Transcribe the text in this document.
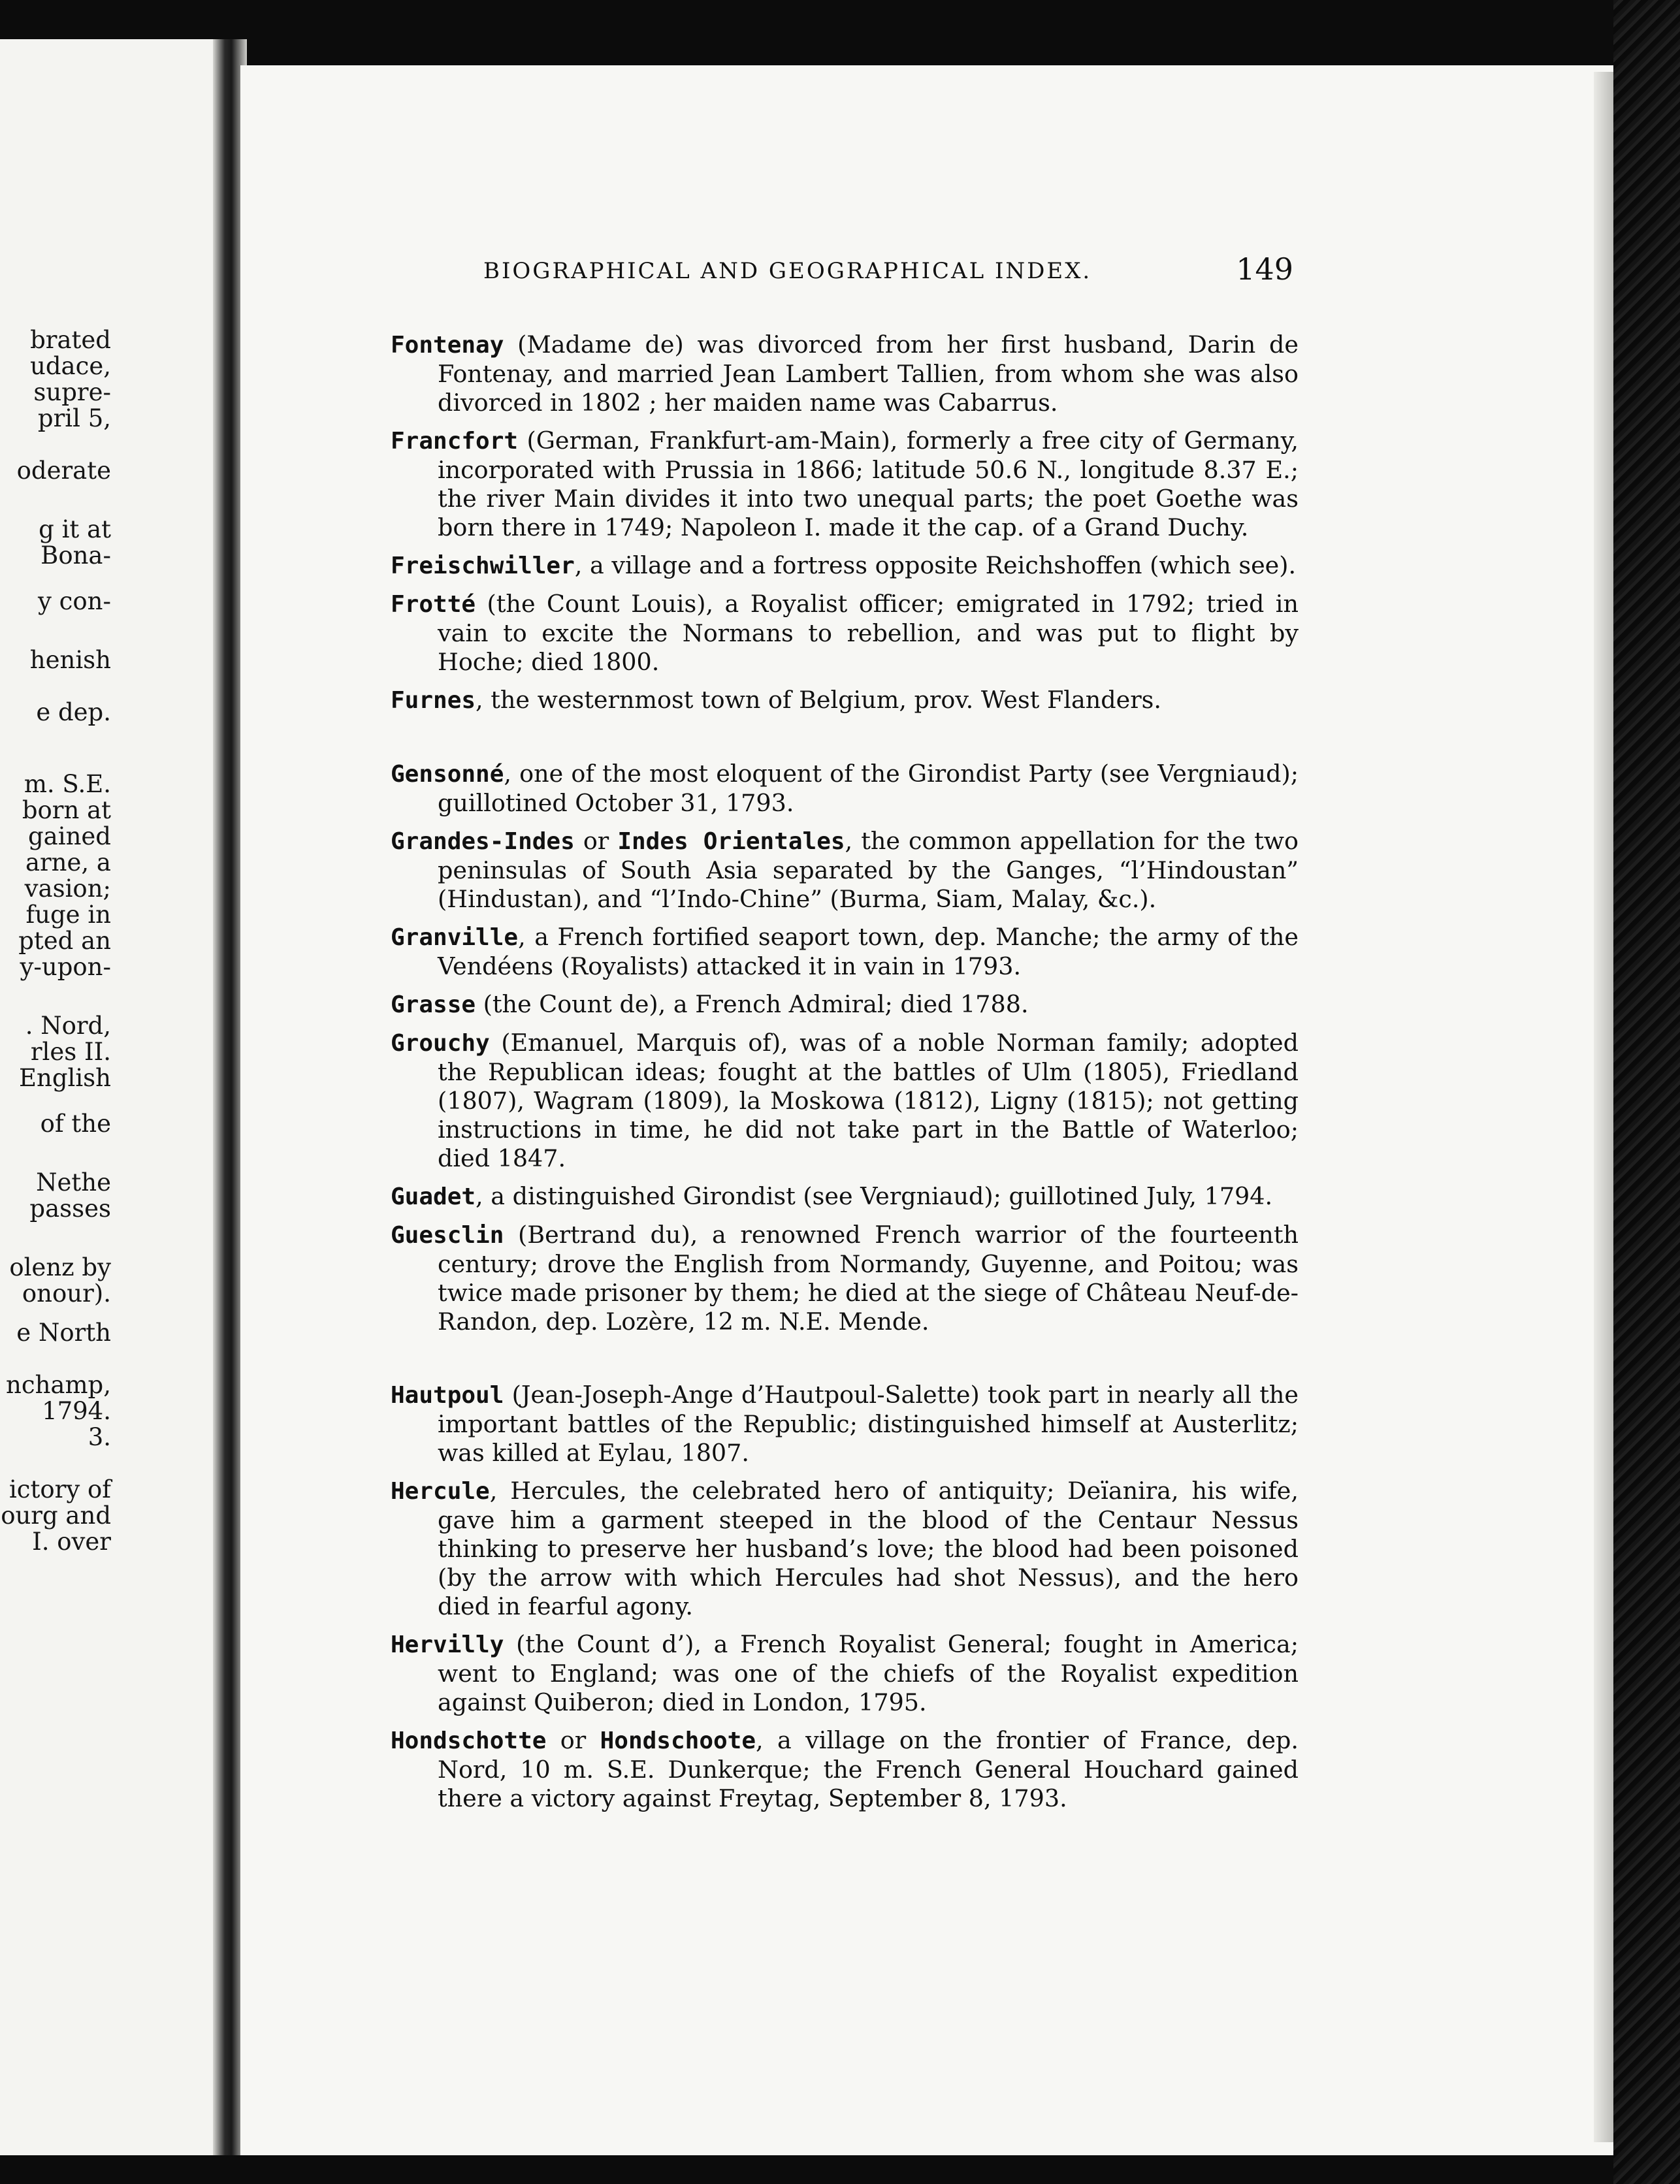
brated
udace,
supre-
pril 5,
oderate
g it at
Bona-
y con-
henish
e dep.
m. S.E.
born at
gained
arne, a
vasion;
fuge in
pted an
y-upon-
. Nord,
rles II.
English
of the
Nethe
passes
olenz by
onour).
e North
nchamp,
1794.
3.
ictory of
ourg and
I. over
BIOGRAPHICAL AND GEOGRAPHICAL INDEX.	149
Fontenay (Madame de) was divorced from her first husband, Darin de Fontenay, and married Jean Lambert Tallien, from whom she was also divorced in 1802 ; her maiden name was Cabarrus.
Francfort (German, Frankfurt-am-Main), formerly a free city of Germany, incorporated with Prussia in 1866; latitude 50.6 N., longitude 8.37 E.; the river Main divides it into two unequal parts; the poet Goethe was born there in 1749; Napoleon I. made it the cap. of a Grand Duchy.
Freischwiller, a village and a fortress opposite Reichshoffen (which see).
Frotté (the Count Louis), a Royalist officer; emigrated in 1792; tried in vain to excite the Normans to rebellion, and was put to flight by Hoche; died 1800.
Furnes, the westernmost town of Belgium, prov. West Flanders.
Gensonné, one of the most eloquent of the Girondist Party (see Vergniaud); guillotined October 31, 1793.
Grandes-Indes or Indes Orientales, the common appellation for the two peninsulas of South Asia separated by the Ganges, “l’Hindoustan” (Hindustan), and “l’Indo-Chine” (Burma, Siam, Malay, &c.).
Granville, a French fortified seaport town, dep. Manche; the army of the Vendéens (Royalists) attacked it in vain in 1793.
Grasse (the Count de), a French Admiral; died 1788.
Grouchy (Emanuel, Marquis of), was of a noble Norman family; adopted the Republican ideas; fought at the battles of Ulm (1805), Friedland (1807), Wagram (1809), la Moskowa (1812), Ligny (1815); not getting instructions in time, he did not take part in the Battle of Waterloo; died 1847.
Guadet, a distinguished Girondist (see Vergniaud); guillotined July, 1794.
Guesclin (Bertrand du), a renowned French warrior of the fourteenth century; drove the English from Normandy, Guyenne, and Poitou; was twice made prisoner by them; he died at the siege of Château Neuf-de-Randon, dep. Lozère, 12 m. N.E. Mende.
Hautpoul (Jean-Joseph-Ange d’Hautpoul-Salette) took part in nearly all the important battles of the Republic; distinguished himself at Austerlitz; was killed at Eylau, 1807.
Hercule, Hercules, the celebrated hero of antiquity; Deïanira, his wife, gave him a garment steeped in the blood of the Centaur Nessus thinking to preserve her husband’s love; the blood had been poisoned (by the arrow with which Hercules had shot Nessus), and the hero died in fearful agony.
Hervilly (the Count d’), a French Royalist General; fought in America; went to England; was one of the chiefs of the Royalist expedition against Quiberon; died in London, 1795.
Hondschotte or Hondschoote, a village on the frontier of France, dep. Nord, 10 m. S.E. Dunkerque; the French General Houchard gained there a victory against Freytag, September 8, 1793.
